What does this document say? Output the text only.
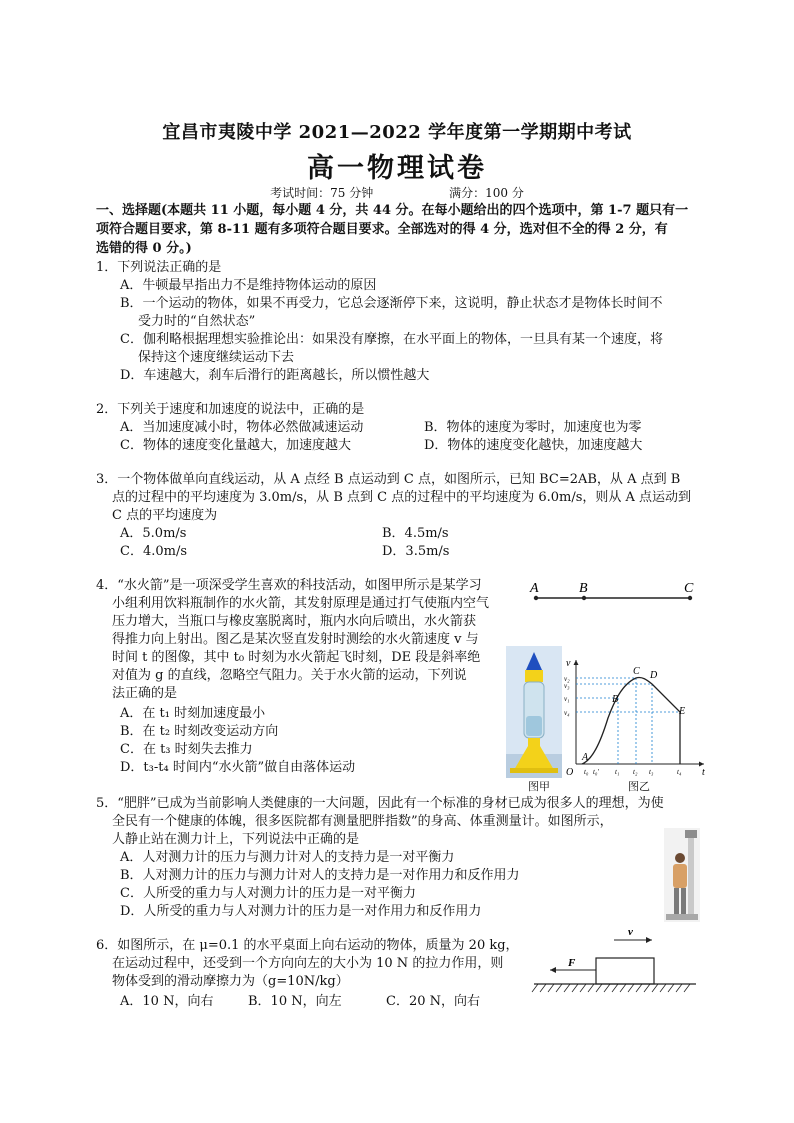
宜昌市夷陵中学 2021—2022 学年度第一学期期中考试
高一物理试卷
考试时间：75 分钟	满分：100 分
一、选择题(本题共 11 小题，每小题 4 分，共 44 分。在每小题给出的四个选项中，第 1-7 题只有一
项符合题目要求，第 8-11 题有多项符合题目要求。全部选对的得 4 分，选对但不全的得 2 分，有
选错的得 0 分。)
1．下列说法正确的是
A．牛顿最早指出力不是维持物体运动的原因
B．一个运动的物体，如果不再受力，它总会逐渐停下来，这说明，静止状态才是物体长时间不
受力时的“自然状态”
C．伽利略根据理想实验推论出：如果没有摩擦，在水平面上的物体，一旦具有某一个速度，将
保持这个速度继续运动下去
D．车速越大，刹车后滑行的距离越长，所以惯性越大
2．下列关于速度和加速度的说法中，正确的是
A．当加速度减小时，物体必然做减速运动	B．物体的速度为零时，加速度也为零
C．物体的速度变化量越大，加速度越大	D．物体的速度变化越快，加速度越大
3．一个物体做单向直线运动，从 A 点经 B 点运动到 C 点，如图所示，已知 BC=2AB，从 A 点到 B
点的过程中的平均速度为 3.0m/s，从 B 点到 C 点的过程中的平均速度为 6.0m/s，则从 A 点运动到
C 点的平均速度为
A．5.0m/s	B．4.5m/s
C．4.0m/s	D．3.5m/s
A	B	C
4．“水火箭”是一项深受学生喜欢的科技活动，如图甲所示是某学习
小组利用饮料瓶制作的水火箭，其发射原理是通过打气使瓶内空气
压力增大，当瓶口与橡皮塞脱离时，瓶内水向后喷出，水火箭获
得推力向上射出。图乙是某次竖直发射时测绘的水火箭速度 v 与
时间 t 的图像，其中 t₀ 时刻为水火箭起飞时刻，DE 段是斜率绝
对值为 g 的直线，忽略空气阻力。关于水火箭的运动，下列说
法正确的是
A．在 t₁ 时刻加速度最小
B．在 t₂ 时刻改变运动方向
C．在 t₃ 时刻失去推力
D．t₃-t₄ 时间内“水火箭”做自由落体运动
图甲
v
t
O
v₂
v₃
v₁
v₄
A
B
C D
E
t₀ t₀' t₁ t₂ t₃	t₄
图乙
5．“肥胖”已成为当前影响人类健康的一大问题，因此有一个标准的身材已成为很多人的理想，为使
全民有一个健康的体魄，很多医院都有测量肥胖指数”的身高、体重测量计。如图所示，
人静止站在测力计上，下列说法中正确的是
A．人对测力计的压力与测力计对人的支持力是一对平衡力
B．人对测力计的压力与测力计对人的支持力是一对作用力和反作用力
C．人所受的重力与人对测力计的压力是一对平衡力
D．人所受的重力与人对测力计的压力是一对作用力和反作用力
6．如图所示，在 μ=0.1 的水平桌面上向右运动的物体，质量为 20 kg，
在运动过程中，还受到一个方向向左的大小为 10 N 的拉力作用，则
物体受到的滑动摩擦力为（g=10N/kg）
A．10 N，向右	B．10 N，向左	C．20 N，向右
v
F
